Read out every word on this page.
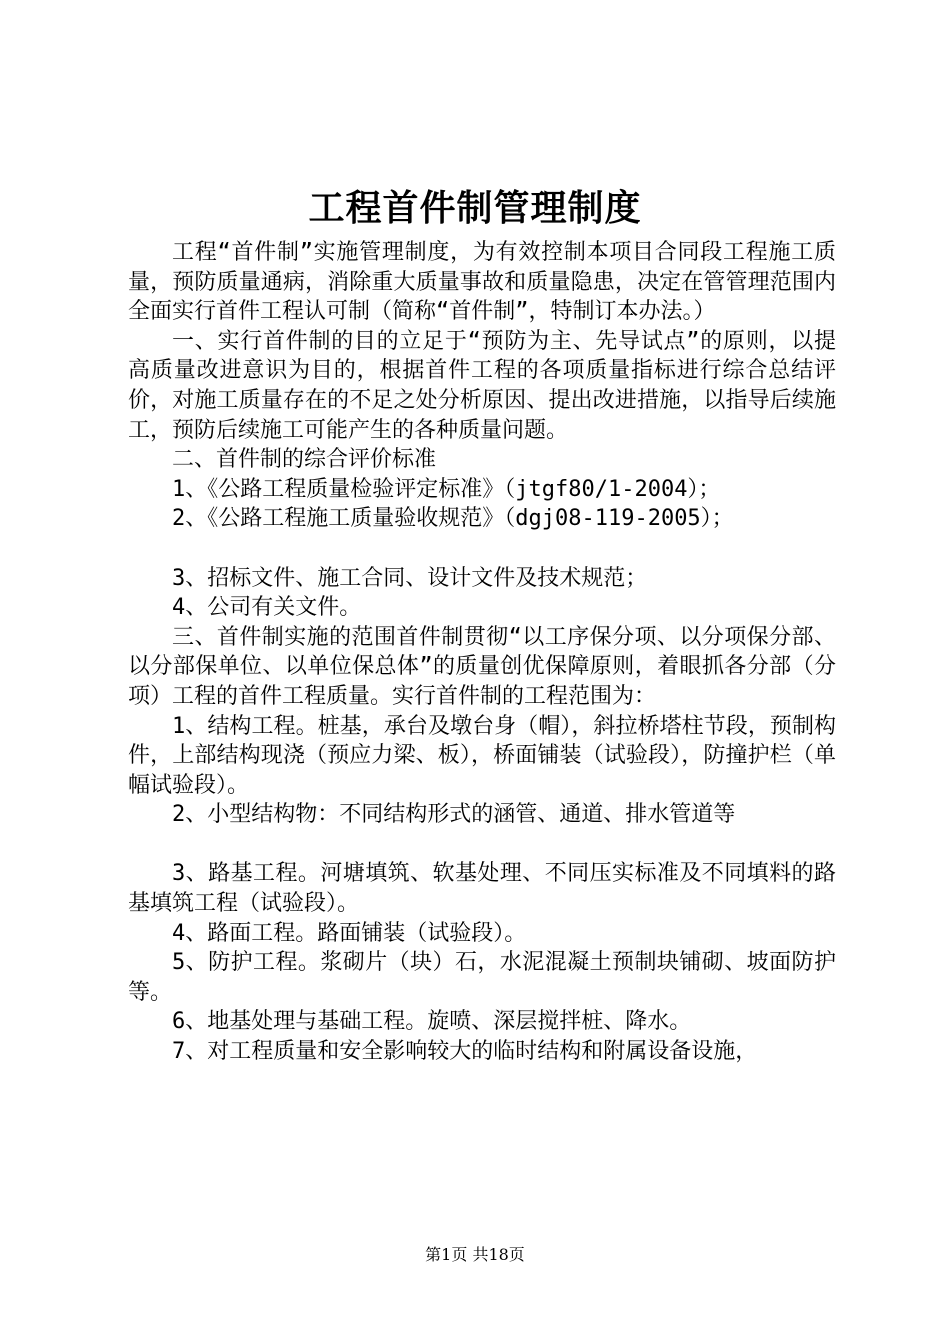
工程首件制管理制度

工程“首件制”实施管理制度，为有效控制本项目合同段工程施工质量，预防质量通病，消除重大质量事故和质量隐患，决定在管管理范围内全面实行首件工程认可制（简称“首件制”，特制订本办法。）

一、实行首件制的目的立足于“预防为主、先导试点”的原则，以提高质量改进意识为目的，根据首件工程的各项质量指标进行综合总结评价，对施工质量存在的不足之处分析原因、提出改进措施，以指导后续施工，预防后续施工可能产生的各种质量问题。

二、首件制的综合评价标准

1、《公路工程质量检验评定标准》（jtgf80/1-2004）；

2、《公路工程施工质量验收规范》（dgj08-119-2005）；

3、招标文件、施工合同、设计文件及技术规范；

4、公司有关文件。

三、首件制实施的范围首件制贯彻“以工序保分项、以分项保分部、以分部保单位、以单位保总体”的质量创优保障原则，着眼抓各分部（分项）工程的首件工程质量。实行首件制的工程范围为：

1、结构工程。桩基，承台及墩台身（帽），斜拉桥塔柱节段，预制构件，上部结构现浇（预应力梁、板），桥面铺装（试验段），防撞护栏（单幅试验段）。

2、小型结构物：不同结构形式的涵管、通道、排水管道等

3、路基工程。河塘填筑、软基处理、不同压实标准及不同填料的路基填筑工程（试验段）。

4、路面工程。路面铺装（试验段）。

5、防护工程。浆砌片（块）石，水泥混凝土预制块铺砌、坡面防护等。

6、地基处理与基础工程。旋喷、深层搅拌桩、降水。

7、对工程质量和安全影响较大的临时结构和附属设备设施，

第1页 共18页
